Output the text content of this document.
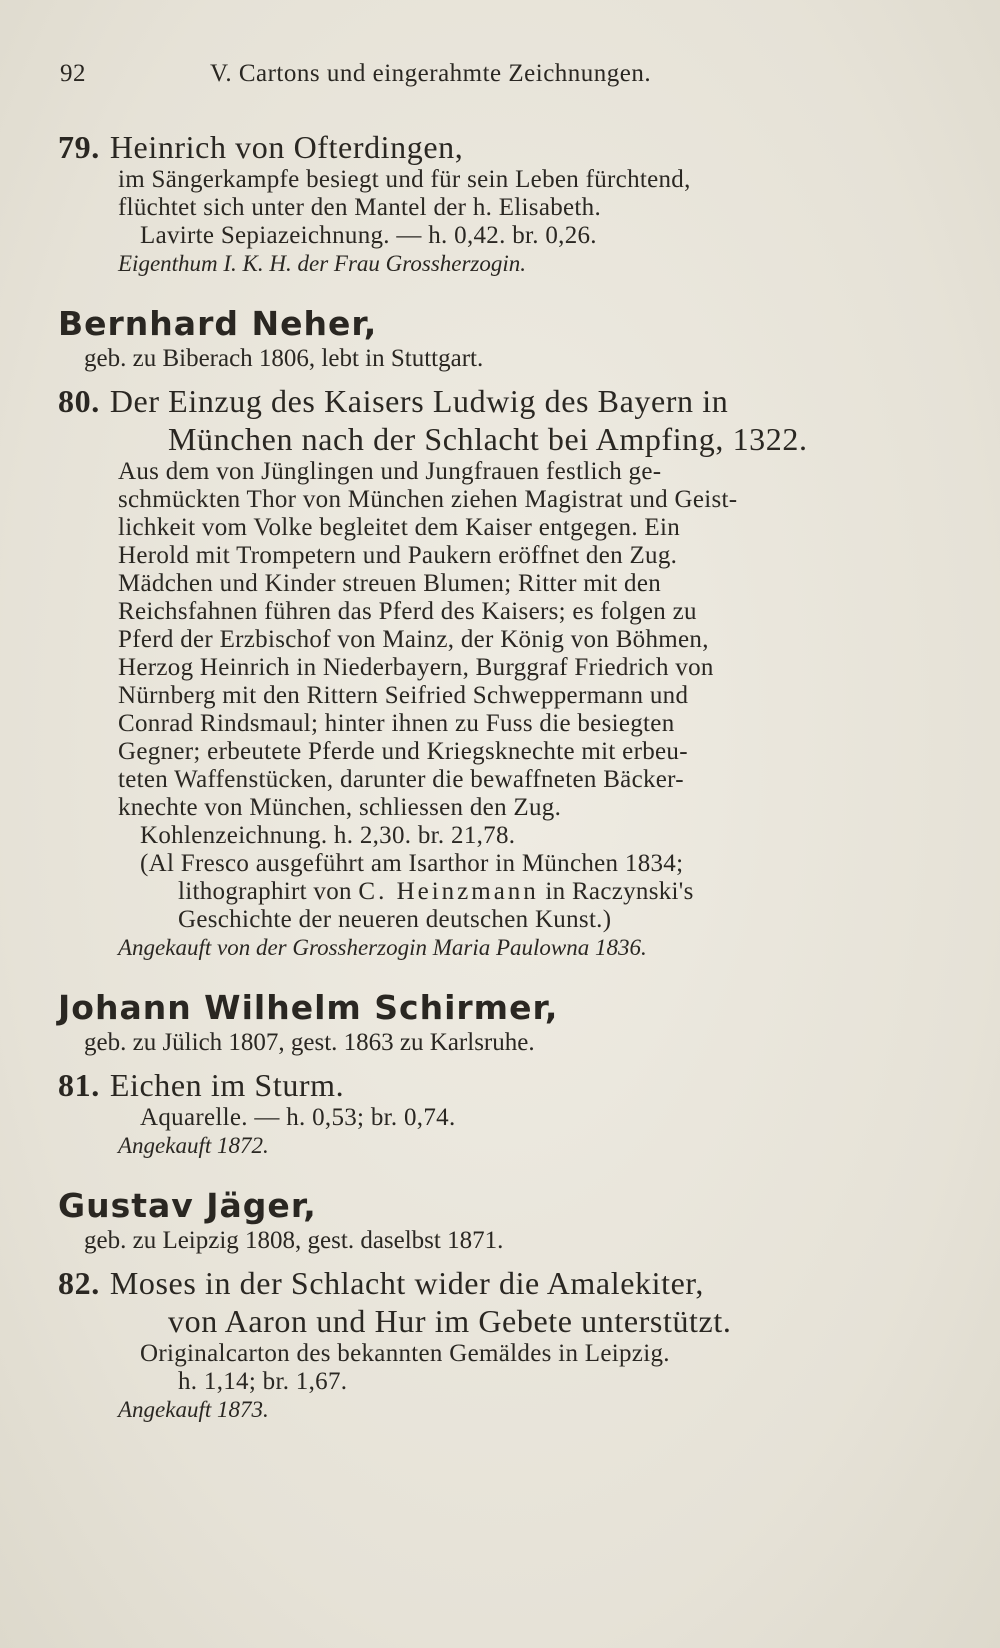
92	V. Cartons und eingerahmte Zeichnungen.
79. Heinrich von Ofterdingen,
im Sängerkampfe besiegt und für sein Leben fürchtend,
flüchtet sich unter den Mantel der h. Elisabeth.
Lavirte Sepiazeichnung. — h. 0,42. br. 0,26.
Eigenthum I. K. H. der Frau Grossherzogin.
Bernhard Neher,
geb. zu Biberach 1806, lebt in Stuttgart.
80. Der Einzug des Kaisers Ludwig des Bayern in
München nach der Schlacht bei Ampfing, 1322.
Aus dem von Jünglingen und Jungfrauen festlich ge-
schmückten Thor von München ziehen Magistrat und Geist-
lichkeit vom Volke begleitet dem Kaiser entgegen. Ein
Herold mit Trompetern und Paukern eröffnet den Zug.
Mädchen und Kinder streuen Blumen; Ritter mit den
Reichsfahnen führen das Pferd des Kaisers; es folgen zu
Pferd der Erzbischof von Mainz, der König von Böhmen,
Herzog Heinrich in Niederbayern, Burggraf Friedrich von
Nürnberg mit den Rittern Seifried Schweppermann und
Conrad Rindsmaul; hinter ihnen zu Fuss die besiegten
Gegner; erbeutete Pferde und Kriegsknechte mit erbeu-
teten Waffenstücken, darunter die bewaffneten Bäcker-
knechte von München, schliessen den Zug.
Kohlenzeichnung. h. 2,30. br. 21,78.
(Al Fresco ausgeführt am Isarthor in München 1834;
lithographirt von C. Heinzmann in Raczynski's
Geschichte der neueren deutschen Kunst.)
Angekauft von der Grossherzogin Maria Paulowna 1836.
Johann Wilhelm Schirmer,
geb. zu Jülich 1807, gest. 1863 zu Karlsruhe.
81. Eichen im Sturm.
Aquarelle. — h. 0,53; br. 0,74.
Angekauft 1872.
Gustav Jäger,
geb. zu Leipzig 1808, gest. daselbst 1871.
82. Moses in der Schlacht wider die Amalekiter,
von Aaron und Hur im Gebete unterstützt.
Originalcarton des bekannten Gemäldes in Leipzig.
h. 1,14; br. 1,67.
Angekauft 1873.
